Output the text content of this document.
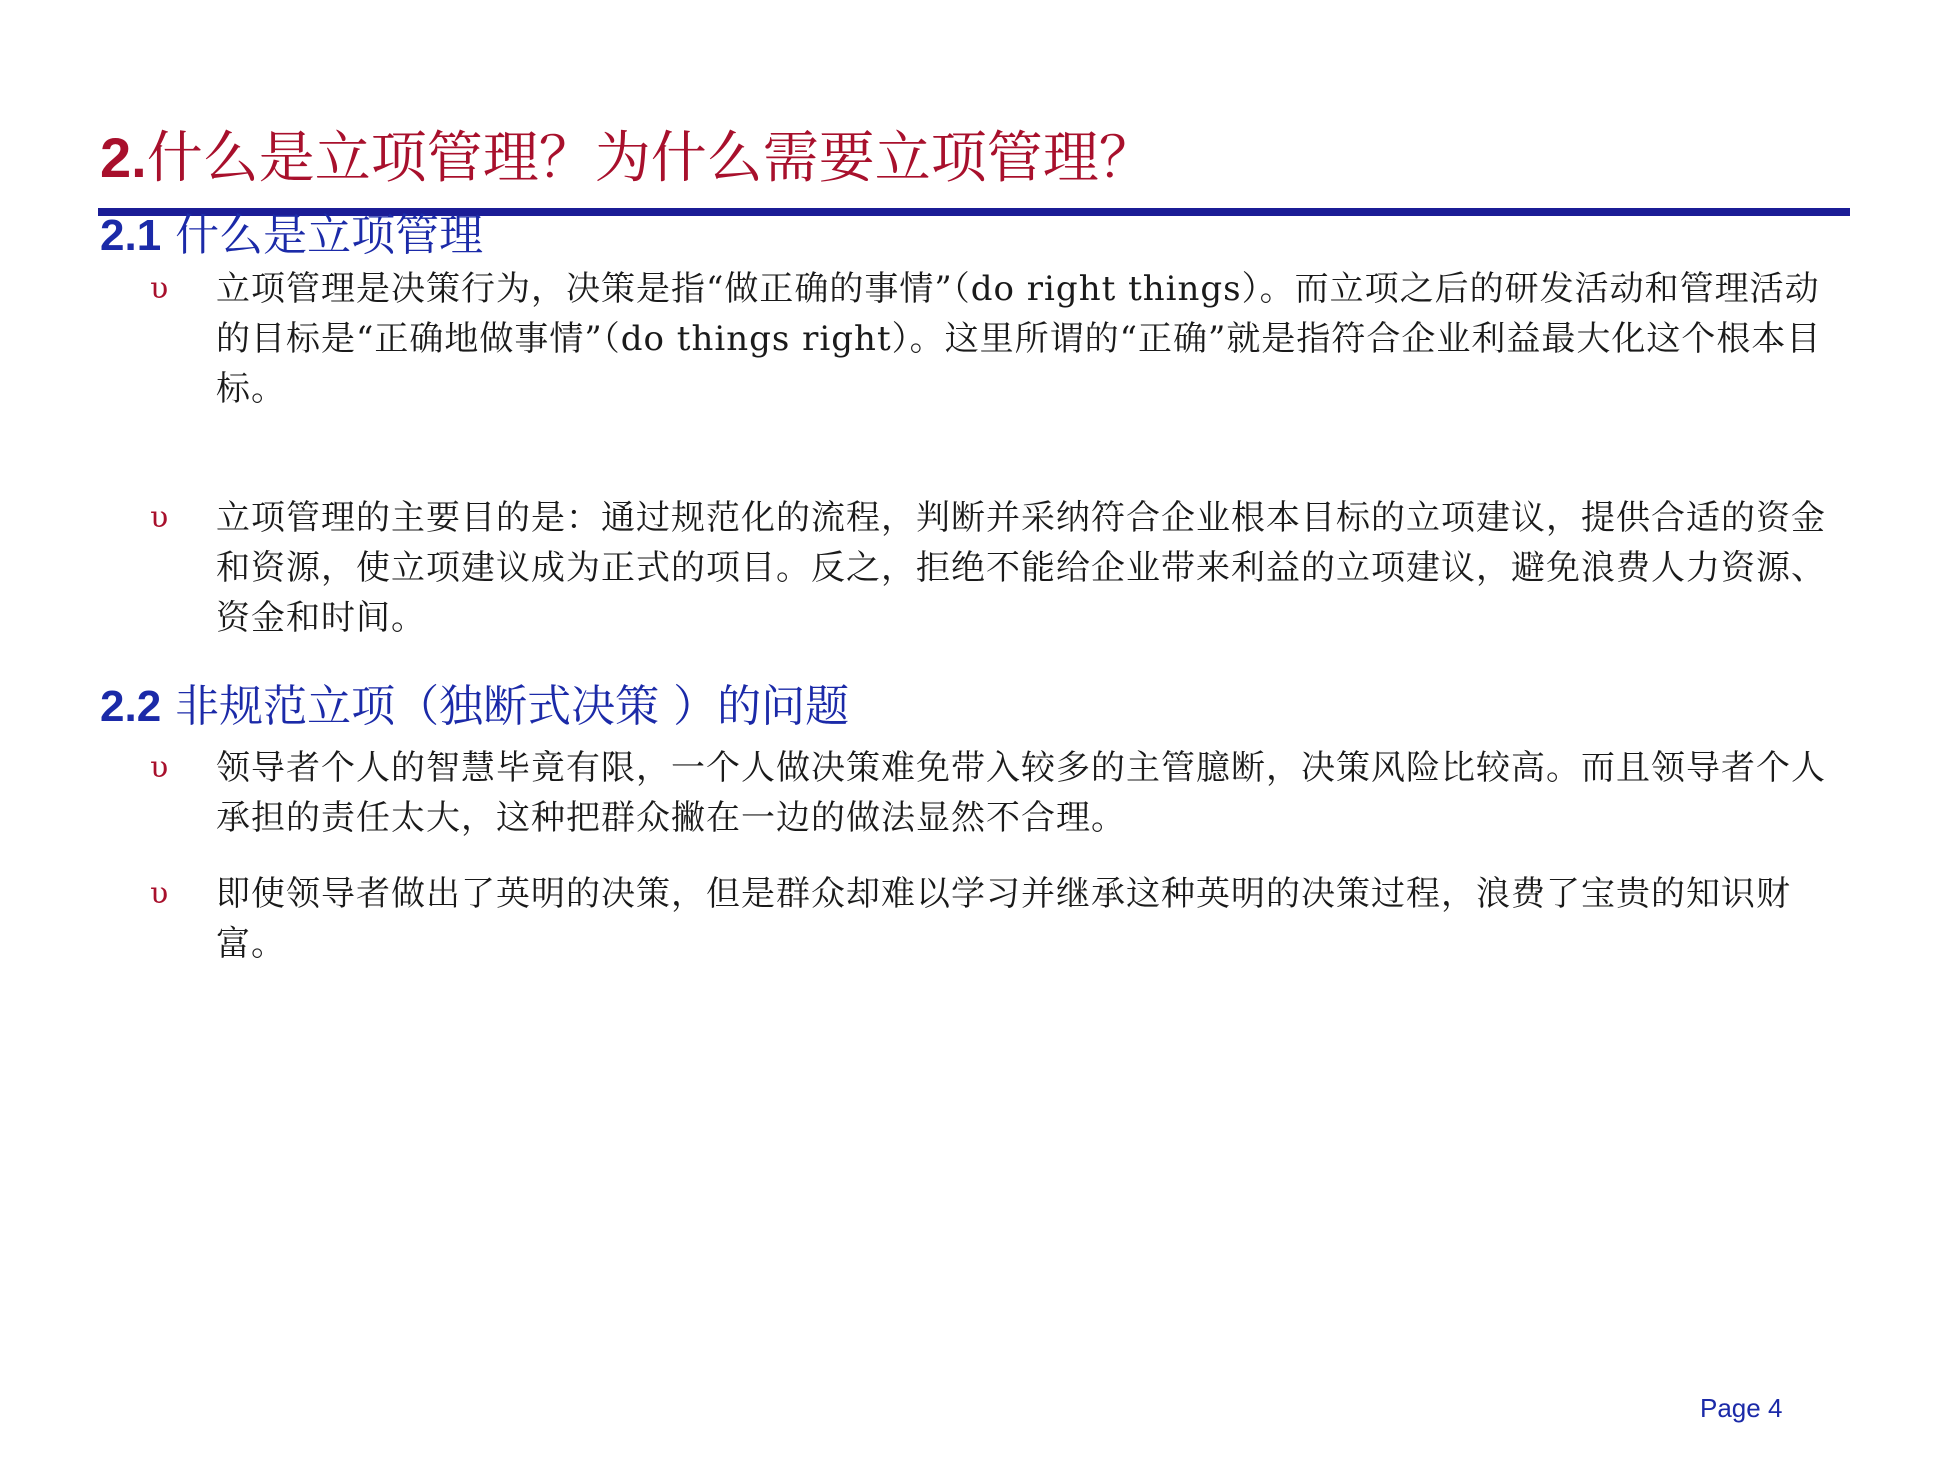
2.什么是立项管理？为什么需要立项管理？
2.1 什么是立项管理
υ	立项管理是决策行为，决策是指“做正确的事情”（do right things）。而立项之后的研发活动和管理活动的目标是“正确地做事情”（do things right）。这里所谓的“正确”就是指符合企业利益最大化这个根本目标。

υ	立项管理的主要目的是：通过规范化的流程，判断并采纳符合企业根本目标的立项建议，提供合适的资金和资源，使立项建议成为正式的项目。反之，拒绝不能给企业带来利益的立项建议，避免浪费人力资源、资金和时间。

2.2 非规范立项（独断式决策 ）的问题
υ	领导者个人的智慧毕竟有限，一个人做决策难免带入较多的主管臆断，决策风险比较高。而且领导者个人承担的责任太大，这种把群众撇在一边的做法显然不合理。

υ	即使领导者做出了英明的决策，但是群众却难以学习并继承这种英明的决策过程，浪费了宝贵的知识财富。

Page 4
